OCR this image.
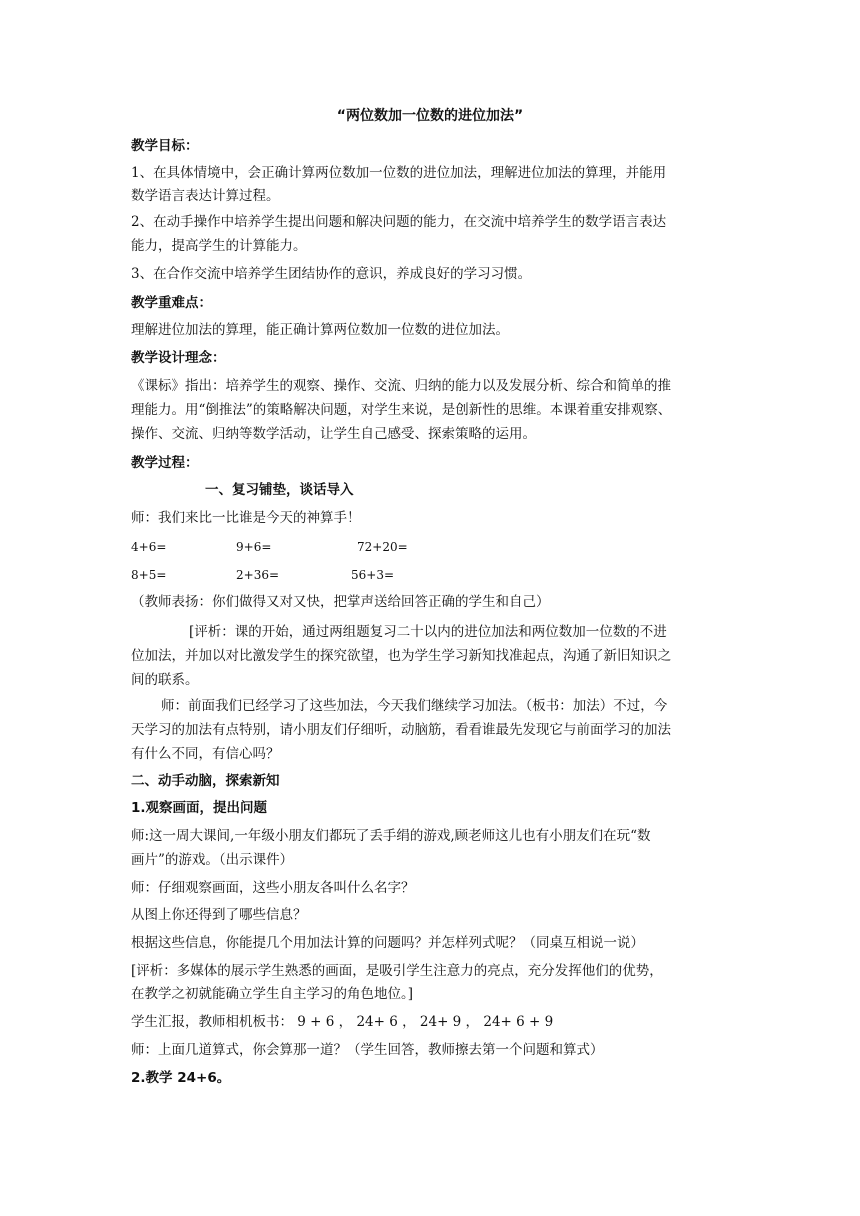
“两位数加一位数的进位加法”
教学目标：
1、在具体情境中，会正确计算两位数加一位数的进位加法，理解进位加法的算理，并能用
数学语言表达计算过程。
2、在动手操作中培养学生提出问题和解决问题的能力，在交流中培养学生的数学语言表达
能力，提高学生的计算能力。
3、在合作交流中培养学生团结协作的意识，养成良好的学习习惯。
教学重难点：
理解进位加法的算理，能正确计算两位数加一位数的进位加法。
教学设计理念：
《课标》指出：培养学生的观察、操作、交流、归纳的能力以及发展分析、综合和简单的推
理能力。用“倒推法”的策略解决问题，对学生来说，是创新性的思维。本课着重安排观察、
操作、交流、归纳等数学活动，让学生自己感受、探索策略的运用。
教学过程：
一、复习铺垫，谈话导入
师：我们来比一比谁是今天的神算手！
4+6=	9+6=	72+20=
8+5=	2+36=	56+3=
（教师表扬：你们做得又对又快，把掌声送给回答正确的学生和自己）
[评析：课的开始，通过两组题复习二十以内的进位加法和两位数加一位数的不进
位加法，并加以对比激发学生的探究欲望，也为学生学习新知找准起点，沟通了新旧知识之
间的联系。
师：前面我们已经学习了这些加法，今天我们继续学习加法。（板书：加法）不过，今
天学习的加法有点特别，请小朋友们仔细听，动脑筋，看看谁最先发现它与前面学习的加法
有什么不同，有信心吗？
二、动手动脑，探索新知
1.观察画面，提出问题
师:这一周大课间,一年级小朋友们都玩了丢手绢的游戏,顾老师这儿也有小朋友们在玩“数
画片”的游戏。（出示课件）
师：仔细观察画面，这些小朋友各叫什么名字？
从图上你还得到了哪些信息？
根据这些信息，你能提几个用加法计算的问题吗？并怎样列式呢？（同桌互相说一说）
[评析：多媒体的展示学生熟悉的画面，是吸引学生注意力的亮点，充分发挥他们的优势，
在教学之初就能确立学生自主学习的角色地位。]
学生汇报，教师相机板书： 9 + 6 ， 24+ 6 ， 24+ 9 ， 24+ 6 + 9
师：上面几道算式，你会算那一道？（学生回答，教师擦去第一个问题和算式）
2.教学 24+6。
